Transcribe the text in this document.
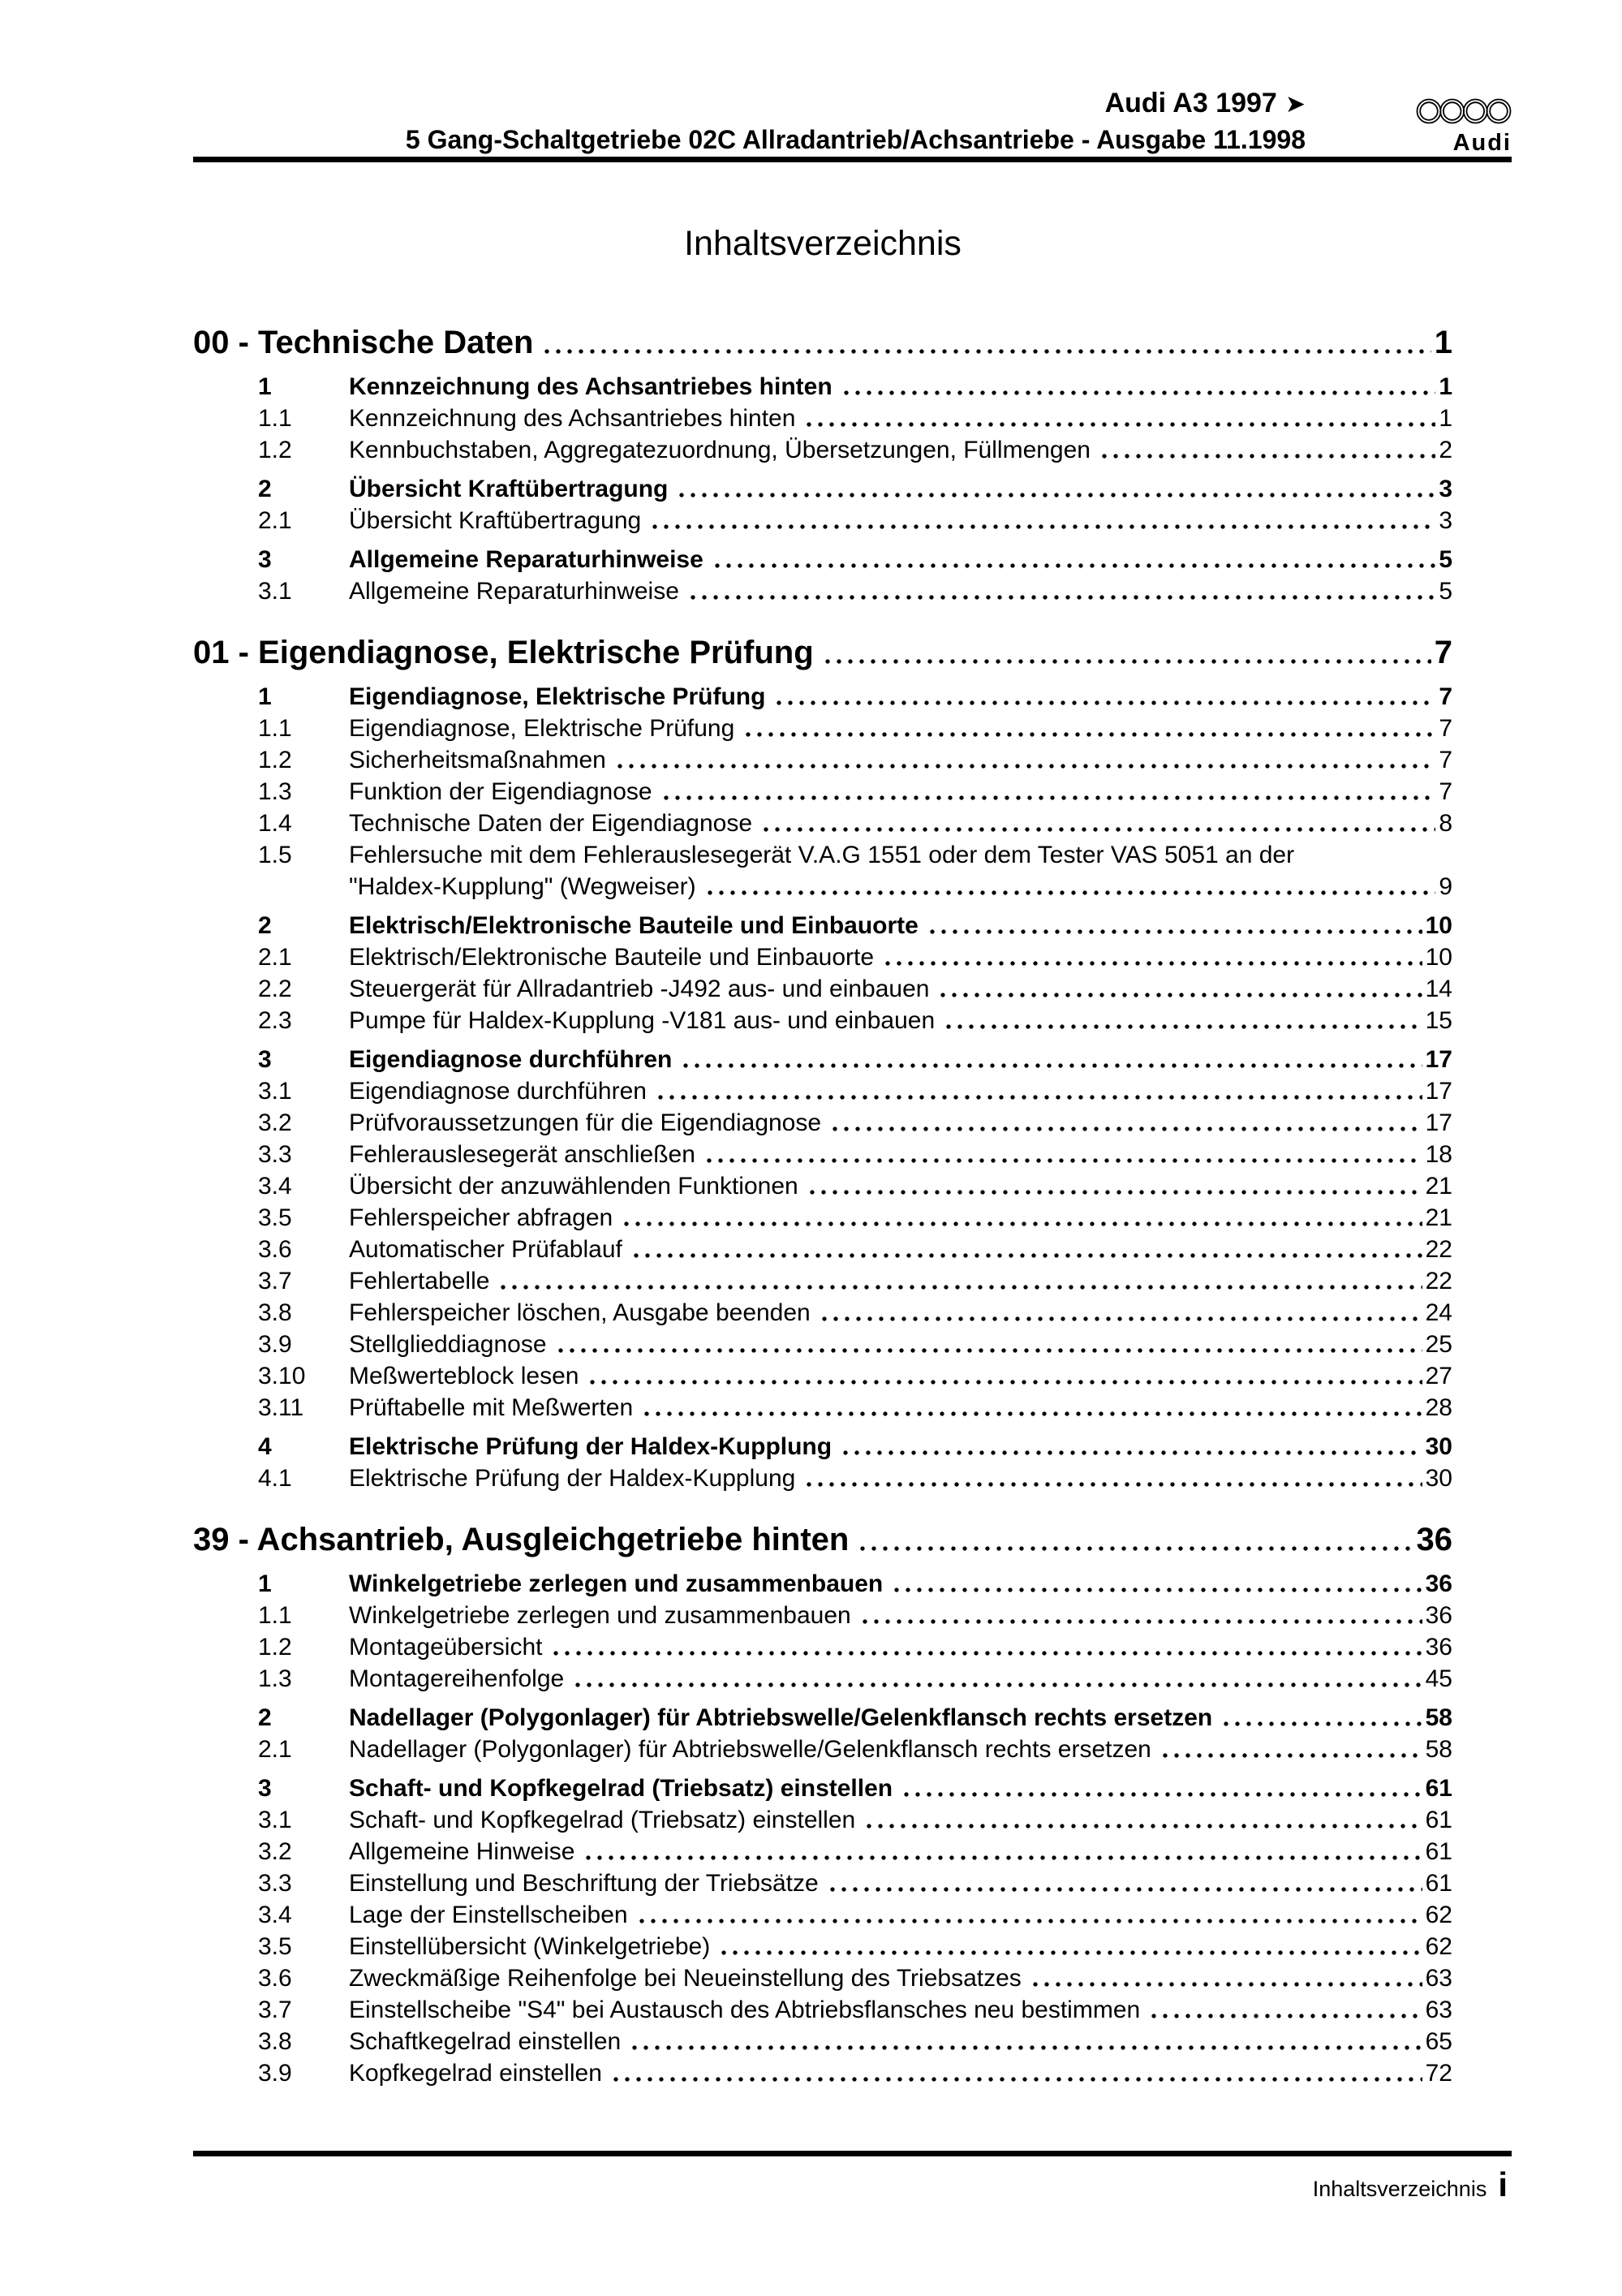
Audi A3 1997 ➤
5 Gang-Schaltgetriebe 02C Allradantrieb/Achsantriebe - Ausgabe 11.1998	Audi
Inhaltsverzeichnis
00 - Technische Daten	1
1	Kennzeichnung des Achsantriebes hinten	1
1.1	Kennzeichnung des Achsantriebes hinten	1
1.2	Kennbuchstaben, Aggregatezuordnung, Übersetzungen, Füllmengen	2
2	Übersicht Kraftübertragung	3
2.1	Übersicht Kraftübertragung	3
3	Allgemeine Reparaturhinweise	5
3.1	Allgemeine Reparaturhinweise	5
01 - Eigendiagnose, Elektrische Prüfung	7
1	Eigendiagnose, Elektrische Prüfung	7
1.1	Eigendiagnose, Elektrische Prüfung	7
1.2	Sicherheitsmaßnahmen	7
1.3	Funktion der Eigendiagnose	7
1.4	Technische Daten der Eigendiagnose	8
1.5	Fehlersuche mit dem Fehlerauslesegerät V.A.G 1551 oder dem Tester VAS 5051 an der
"Haldex-Kupplung" (Wegweiser)	9
2	Elektrisch/Elektronische Bauteile und Einbauorte	10
2.1	Elektrisch/Elektronische Bauteile und Einbauorte	10
2.2	Steuergerät für Allradantrieb -J492 aus- und einbauen	14
2.3	Pumpe für Haldex-Kupplung -V181 aus- und einbauen	15
3	Eigendiagnose durchführen	17
3.1	Eigendiagnose durchführen	17
3.2	Prüfvoraussetzungen für die Eigendiagnose	17
3.3	Fehlerauslesegerät anschließen	18
3.4	Übersicht der anzuwählenden Funktionen	21
3.5	Fehlerspeicher abfragen	21
3.6	Automatischer Prüfablauf	22
3.7	Fehlertabelle	22
3.8	Fehlerspeicher löschen, Ausgabe beenden	24
3.9	Stellglieddiagnose	25
3.10	Meßwerteblock lesen	27
3.11	Prüftabelle mit Meßwerten	28
4	Elektrische Prüfung der Haldex-Kupplung	30
4.1	Elektrische Prüfung der Haldex-Kupplung	30
39 - Achsantrieb, Ausgleichgetriebe hinten	36
1	Winkelgetriebe zerlegen und zusammenbauen	36
1.1	Winkelgetriebe zerlegen und zusammenbauen	36
1.2	Montageübersicht	36
1.3	Montagereihenfolge	45
2	Nadellager (Polygonlager) für Abtriebswelle/Gelenkflansch rechts ersetzen	58
2.1	Nadellager (Polygonlager) für Abtriebswelle/Gelenkflansch rechts ersetzen	58
3	Schaft- und Kopfkegelrad (Triebsatz) einstellen	61
3.1	Schaft- und Kopfkegelrad (Triebsatz) einstellen	61
3.2	Allgemeine Hinweise	61
3.3	Einstellung und Beschriftung der Triebsätze	61
3.4	Lage der Einstellscheiben	62
3.5	Einstellübersicht (Winkelgetriebe)	62
3.6	Zweckmäßige Reihenfolge bei Neueinstellung des Triebsatzes	63
3.7	Einstellscheibe "S4" bei Austausch des Abtriebsflansches neu bestimmen	63
3.8	Schaftkegelrad einstellen	65
3.9	Kopfkegelrad einstellen	72
Inhaltsverzeichnis i
